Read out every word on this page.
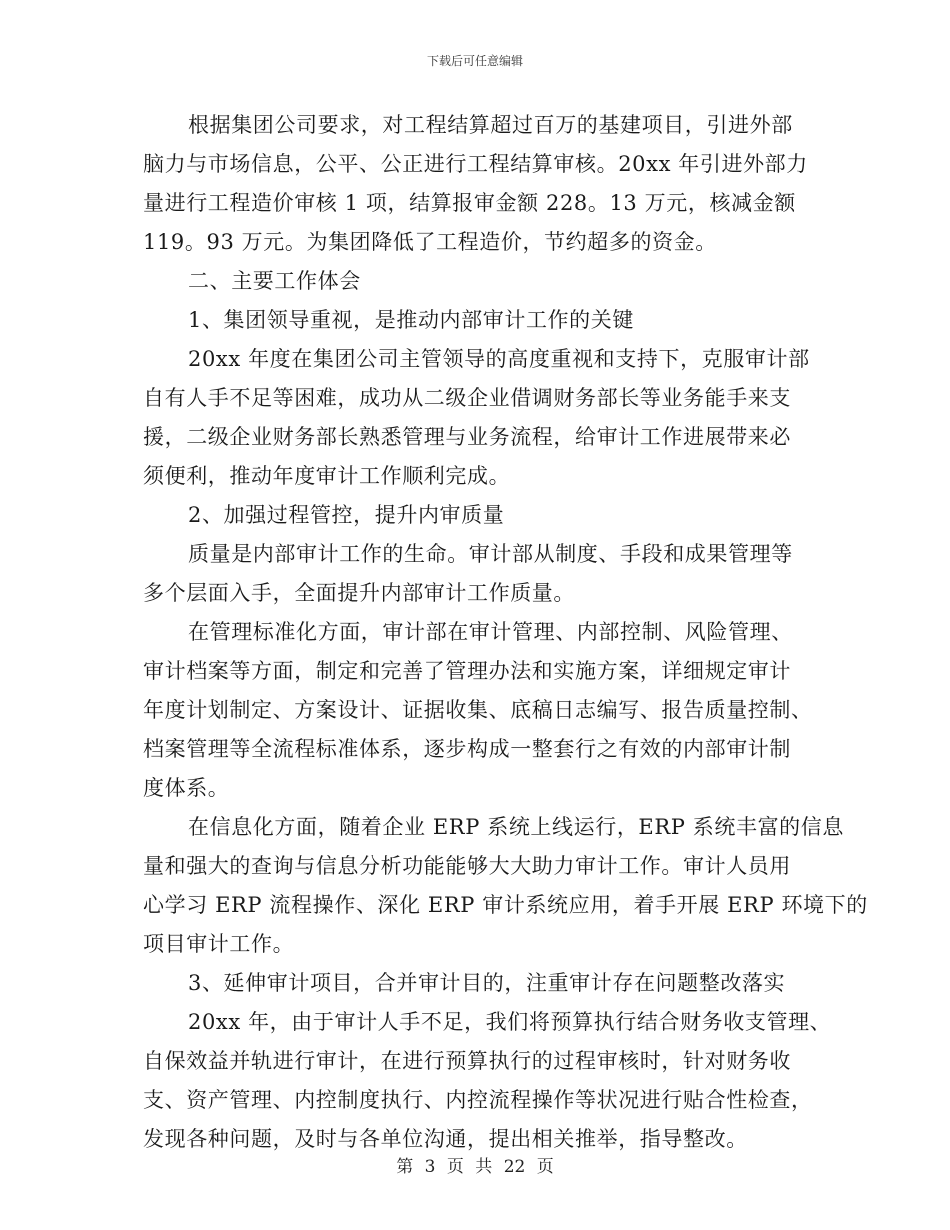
下载后可任意编辑
根据集团公司要求，对工程结算超过百万的基建项目，引进外部
脑力与市场信息，公平、公正进行工程结算审核。20xx 年引进外部力
量进行工程造价审核 1 项，结算报审金额 228。13 万元，核减金额
119。93 万元。为集团降低了工程造价，节约超多的资金。
二、主要工作体会
1、集团领导重视，是推动内部审计工作的关键
20xx 年度在集团公司主管领导的高度重视和支持下，克服审计部
自有人手不足等困难，成功从二级企业借调财务部长等业务能手来支
援，二级企业财务部长熟悉管理与业务流程，给审计工作进展带来必
须便利，推动年度审计工作顺利完成。
2、加强过程管控，提升内审质量
质量是内部审计工作的生命。审计部从制度、手段和成果管理等
多个层面入手，全面提升内部审计工作质量。
在管理标准化方面，审计部在审计管理、内部控制、风险管理、
审计档案等方面，制定和完善了管理办法和实施方案，详细规定审计
年度计划制定、方案设计、证据收集、底稿日志编写、报告质量控制、
档案管理等全流程标准体系，逐步构成一整套行之有效的内部审计制
度体系。
在信息化方面，随着企业 ERP 系统上线运行，ERP 系统丰富的信息
量和强大的查询与信息分析功能能够大大助力审计工作。审计人员用
心学习 ERP 流程操作、深化 ERP 审计系统应用，着手开展 ERP 环境下的
项目审计工作。
3、延伸审计项目，合并审计目的，注重审计存在问题整改落实
20xx 年，由于审计人手不足，我们将预算执行结合财务收支管理、
自保效益并轨进行审计，在进行预算执行的过程审核时，针对财务收
支、资产管理、内控制度执行、内控流程操作等状况进行贴合性检查，
发现各种问题，及时与各单位沟通，提出相关推举，指导整改。
第 3 页 共 22 页
